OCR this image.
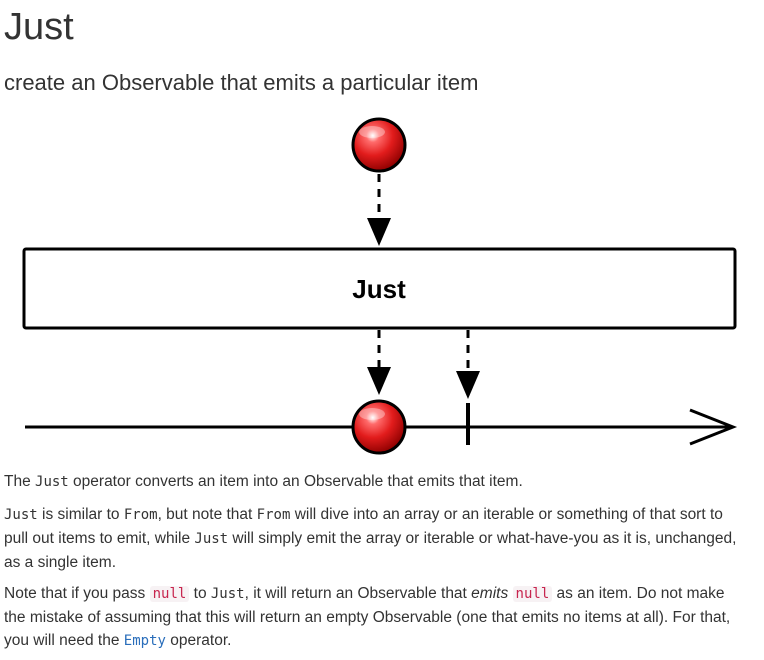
Just
create an Observable that emits a particular item
Just

The Just operator converts an item into an Observable that emits that item.

Just is similar to From, but note that From will dive into an array or an iterable or something of that sort to pull out items to emit, while Just will simply emit the array or iterable or what-have-you as it is, unchanged, as a single item.

Note that if you pass null to Just, it will return an Observable that emits null as an item. Do not make the mistake of assuming that this will return an empty Observable (one that emits no items at all). For that, you will need the Empty operator.
